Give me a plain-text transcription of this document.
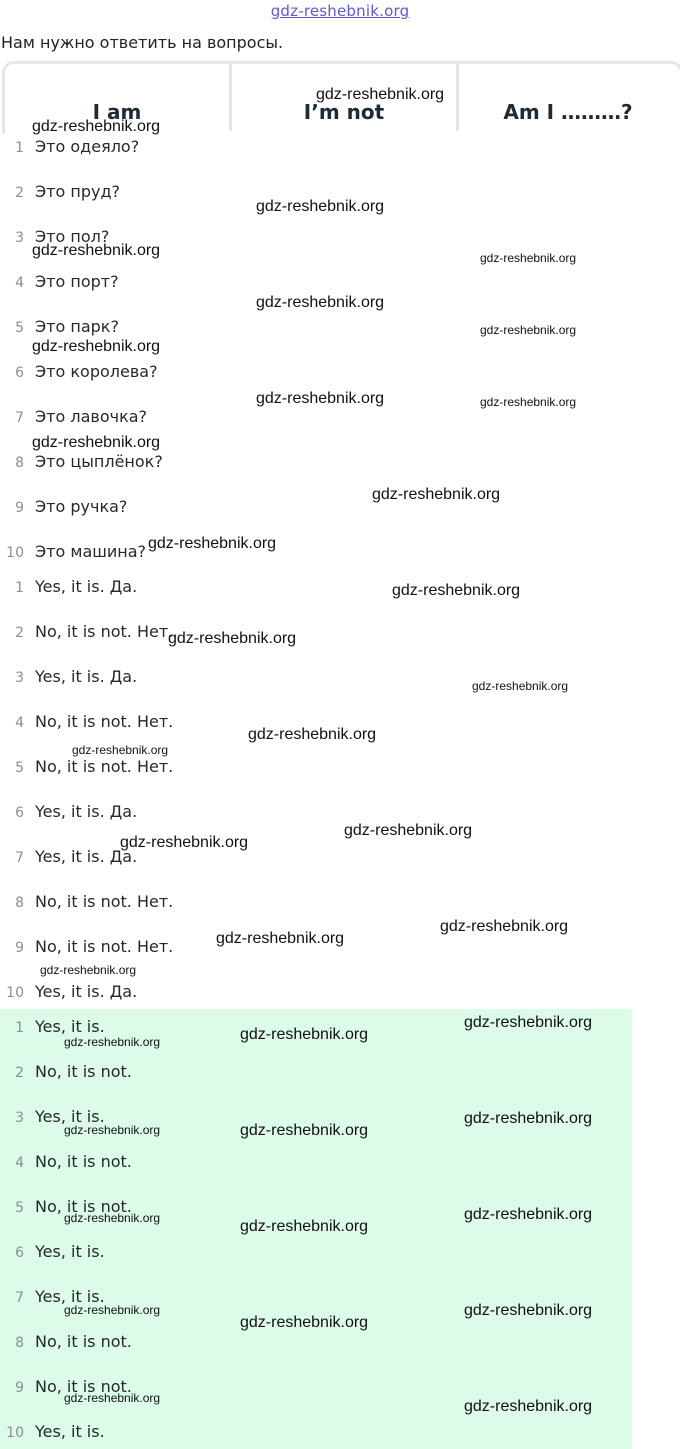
gdz-reshebnik.org
Нам нужно ответить на вопросы.
I am	I’m not	Am I ………?
1 Это одеяло?
2 Это пруд?
3 Это пол?
4 Это порт?
5 Это парк?
6 Это королева?
7 Это лавочка?
8 Это цыплёнок?
9 Это ручка?
10 Это машина?
1 Yes, it is. Да.
2 No, it is not. Нет.
3 Yes, it is. Да.
4 No, it is not. Нет.
5 No, it is not. Нет.
6 Yes, it is. Да.
7 Yes, it is. Да.
8 No, it is not. Нет.
9 No, it is not. Нет.
10 Yes, it is. Да.
1 Yes, it is.
2 No, it is not.
3 Yes, it is.
4 No, it is not.
5 No, it is not.
6 Yes, it is.
7 Yes, it is.
8 No, it is not.
9 No, it is not.
10 Yes, it is.
gdz-reshebnik.org
gdz-reshebnik.org
gdz-reshebnik.org
gdz-reshebnik.org	gdz-reshebnik.org
gdz-reshebnik.org
gdz-reshebnik.org
gdz-reshebnik.org
gdz-reshebnik.org	gdz-reshebnik.org
gdz-reshebnik.org
gdz-reshebnik.org
gdz-reshebnik.org
gdz-reshebnik.org
gdz-reshebnik.org
gdz-reshebnik.org
gdz-reshebnik.org
gdz-reshebnik.org
gdz-reshebnik.org
gdz-reshebnik.org
gdz-reshebnik.org
gdz-reshebnik.org
gdz-reshebnik.org
gdz-reshebnik.org
gdz-reshebnik.org
gdz-reshebnik.org
gdz-reshebnik.org
gdz-reshebnik.org	gdz-reshebnik.org
gdz-reshebnik.org
gdz-reshebnik.org	gdz-reshebnik.org
gdz-reshebnik.org
gdz-reshebnik.org
gdz-reshebnik.org
gdz-reshebnik.org	gdz-reshebnik.org
